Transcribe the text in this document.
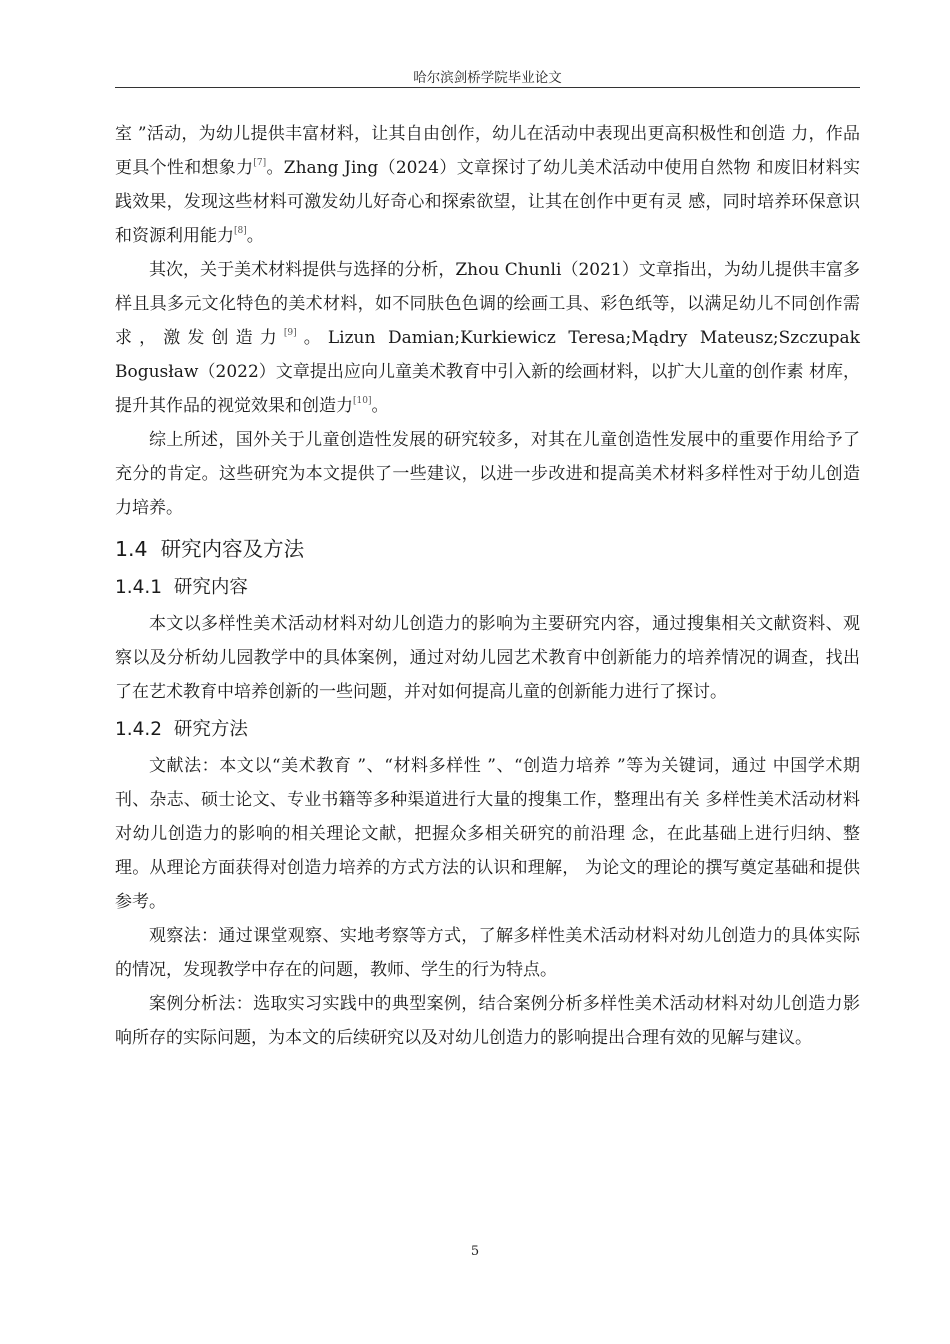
哈尔滨剑桥学院毕业论文

室 ”活动，为幼儿提供丰富材料，让其自由创作，幼儿在活动中表现出更高积极性和创造 力，作品更具个性和想象力[7]。Zhang Jing（2024）文章探讨了幼儿美术活动中使用自然物 和废旧材料实践效果，发现这些材料可激发幼儿好奇心和探索欲望，让其在创作中更有灵 感，同时培养环保意识和资源利用能力[8]。

其次，关于美术材料提供与选择的分析，Zhou Chunli（2021）文章指出，为幼儿提供丰富多样且具多元文化特色的美术材料，如不同肤色色调的绘画工具、彩色纸等，以满足幼儿不同创作需求，激发创造力[9]。Lizun Damian;Kurkiewicz Teresa;Mądry Mateusz;Szczupak Bogusław（2022）文章提出应向儿童美术教育中引入新的绘画材料，以扩大儿童的创作素 材库，提升其作品的视觉效果和创造力[10]。

综上所述，国外关于儿童创造性发展的研究较多，对其在儿童创造性发展中的重要作用给予了充分的肯定。这些研究为本文提供了一些建议，以进一步改进和提高美术材料多样性对于幼儿创造力培养。

1.4 研究内容及方法
1.4.1 研究内容

本文以多样性美术活动材料对幼儿创造力的影响为主要研究内容，通过搜集相关文献资料、观察以及分析幼儿园教学中的具体案例，通过对幼儿园艺术教育中创新能力的培养情况的调查，找出了在艺术教育中培养创新的一些问题，并对如何提高儿童的创新能力进行了探讨。

1.4.2 研究方法

文献法：本文以“美术教育 ”、“材料多样性 ”、“创造力培养 ”等为关键词，通过 中国学术期刊、杂志、硕士论文、专业书籍等多种渠道进行大量的搜集工作，整理出有关 多样性美术活动材料对幼儿创造力的影响的相关理论文献，把握众多相关研究的前沿理 念，在此基础上进行归纳、整理。从理论方面获得对创造力培养的方式方法的认识和理解， 为论文的理论的撰写奠定基础和提供参考。

观察法：通过课堂观察、实地考察等方式，了解多样性美术活动材料对幼儿创造力的具体实际的情况，发现教学中存在的问题，教师、学生的行为特点。

案例分析法：选取实习实践中的典型案例，结合案例分析多样性美术活动材料对幼儿创造力影响所存的实际问题，为本文的后续研究以及对幼儿创造力的影响提出合理有效的见解与建议。

5
